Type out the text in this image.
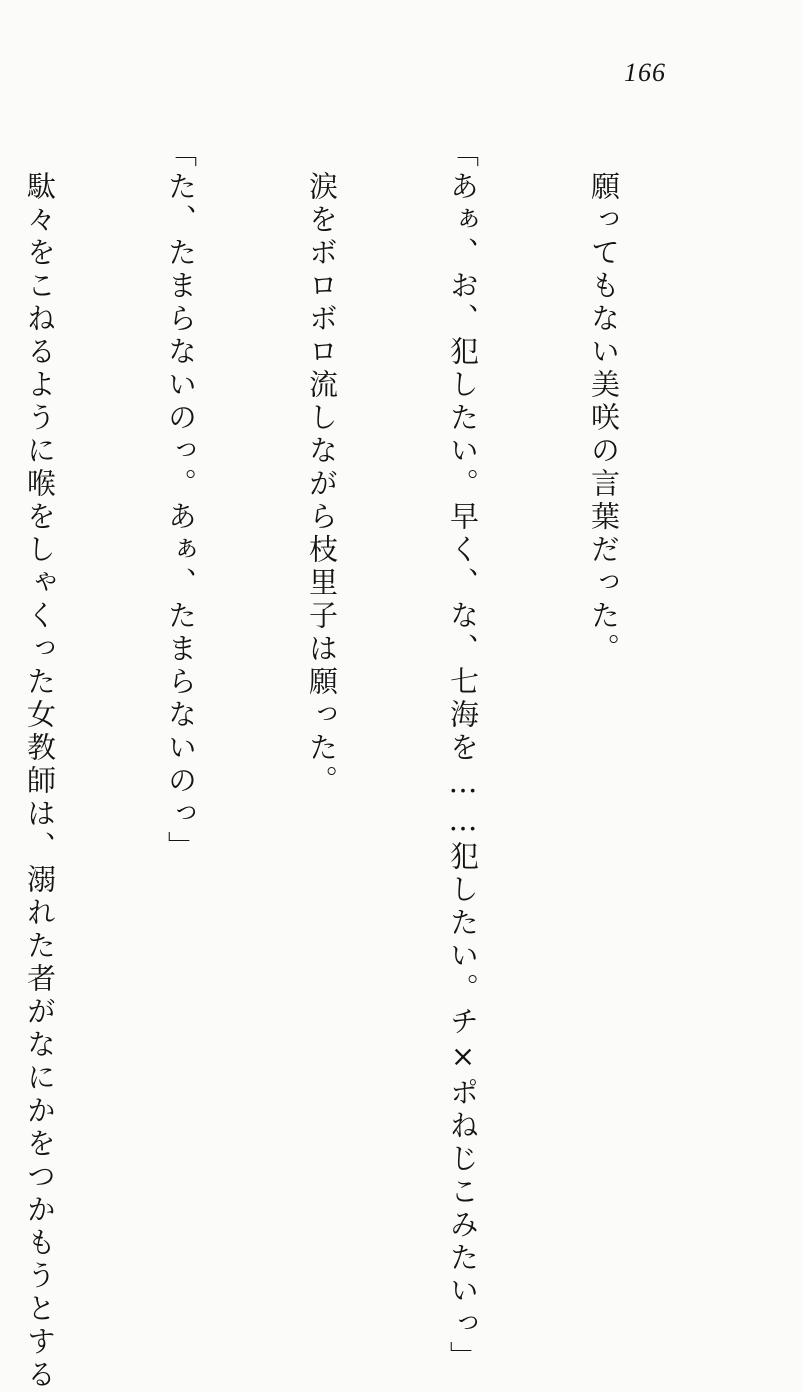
166

　願ってもない美咲の言葉だった。

「あぁ、お、犯したい。早く、な、七海を……犯したい。チ×ポねじこみたいっ」

　涙をボロボロ流しながら枝里子は願った。

「た、たまらないのっ。あぁ、たまらないのっ」

　駄々をこねるように喉をしゃくった女教師は、溺れた者がなにかをつかもうとする
